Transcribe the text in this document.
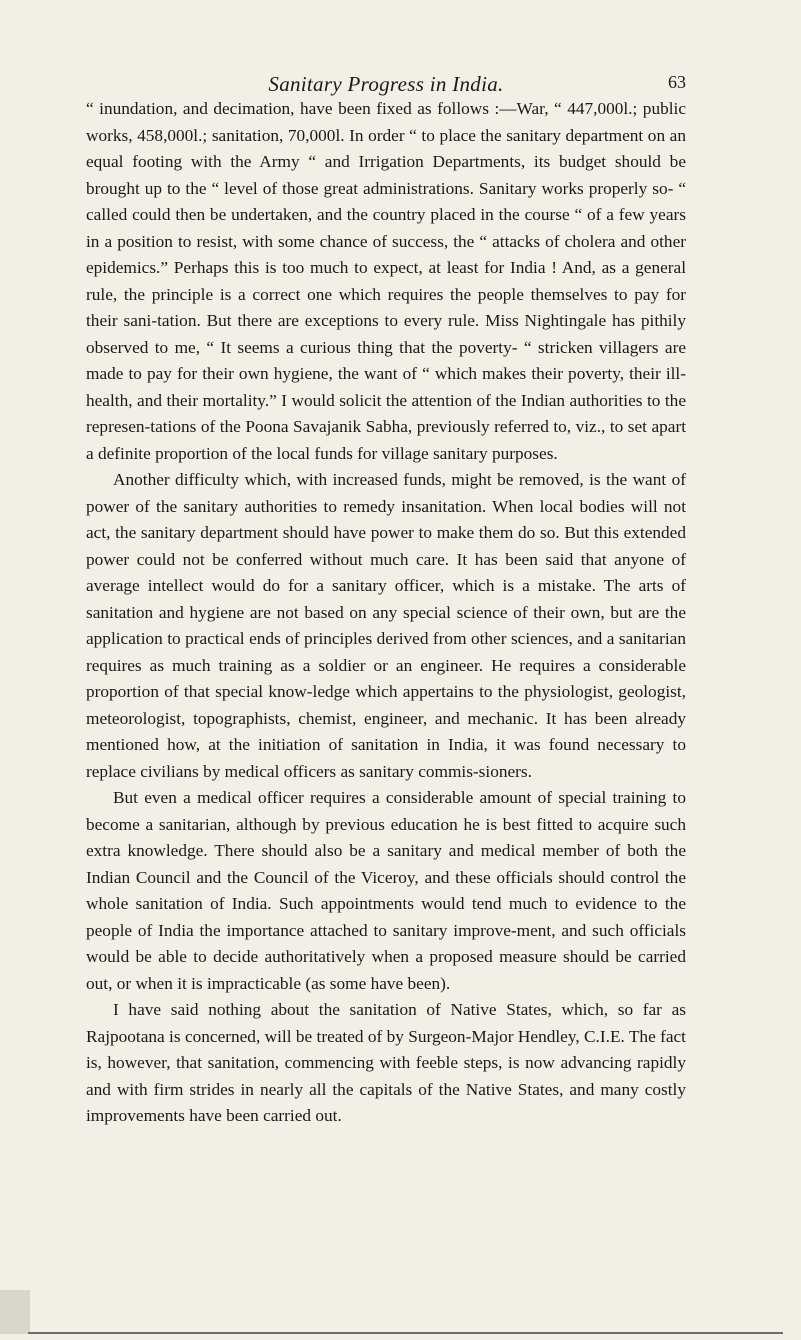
Sanitary Progress in India.	63

“ inundation, and decimation, have been fixed as follows :—War, “ 447,000l.; public works, 458,000l.; sanitation, 70,000l. In order “ to place the sanitary department on an equal footing with the Army “ and Irrigation Departments, its budget should be brought up to the “ level of those great administrations. Sanitary works properly so- “ called could then be undertaken, and the country placed in the course “ of a few years in a position to resist, with some chance of success, the “ attacks of cholera and other epidemics.” Perhaps this is too much to expect, at least for India ! And, as a general rule, the principle is a correct one which requires the people themselves to pay for their sani-tation. But there are exceptions to every rule. Miss Nightingale has pithily observed to me, “ It seems a curious thing that the poverty- “ stricken villagers are made to pay for their own hygiene, the want of “ which makes their poverty, their ill-health, and their mortality.” I would solicit the attention of the Indian authorities to the represen-tations of the Poona Savajanik Sabha, previously referred to, viz., to set apart a definite proportion of the local funds for village sanitary purposes.

Another difficulty which, with increased funds, might be removed, is the want of power of the sanitary authorities to remedy insanitation. When local bodies will not act, the sanitary department should have power to make them do so. But this extended power could not be conferred without much care. It has been said that anyone of average intellect would do for a sanitary officer, which is a mistake. The arts of sanitation and hygiene are not based on any special science of their own, but are the application to practical ends of principles derived from other sciences, and a sanitarian requires as much training as a soldier or an engineer. He requires a considerable proportion of that special know-ledge which appertains to the physiologist, geologist, meteorologist, topographists, chemist, engineer, and mechanic. It has been already mentioned how, at the initiation of sanitation in India, it was found necessary to replace civilians by medical officers as sanitary commis-sioners.

But even a medical officer requires a considerable amount of special training to become a sanitarian, although by previous education he is best fitted to acquire such extra knowledge. There should also be a sanitary and medical member of both the Indian Council and the Council of the Viceroy, and these officials should control the whole sanitation of India. Such appointments would tend much to evidence to the people of India the importance attached to sanitary improve-ment, and such officials would be able to decide authoritatively when a proposed measure should be carried out, or when it is impracticable (as some have been).

I have said nothing about the sanitation of Native States, which, so far as Rajpootana is concerned, will be treated of by Surgeon-Major Hendley, C.I.E. The fact is, however, that sanitation, commencing with feeble steps, is now advancing rapidly and with firm strides in nearly all the capitals of the Native States, and many costly improvements have been carried out.
